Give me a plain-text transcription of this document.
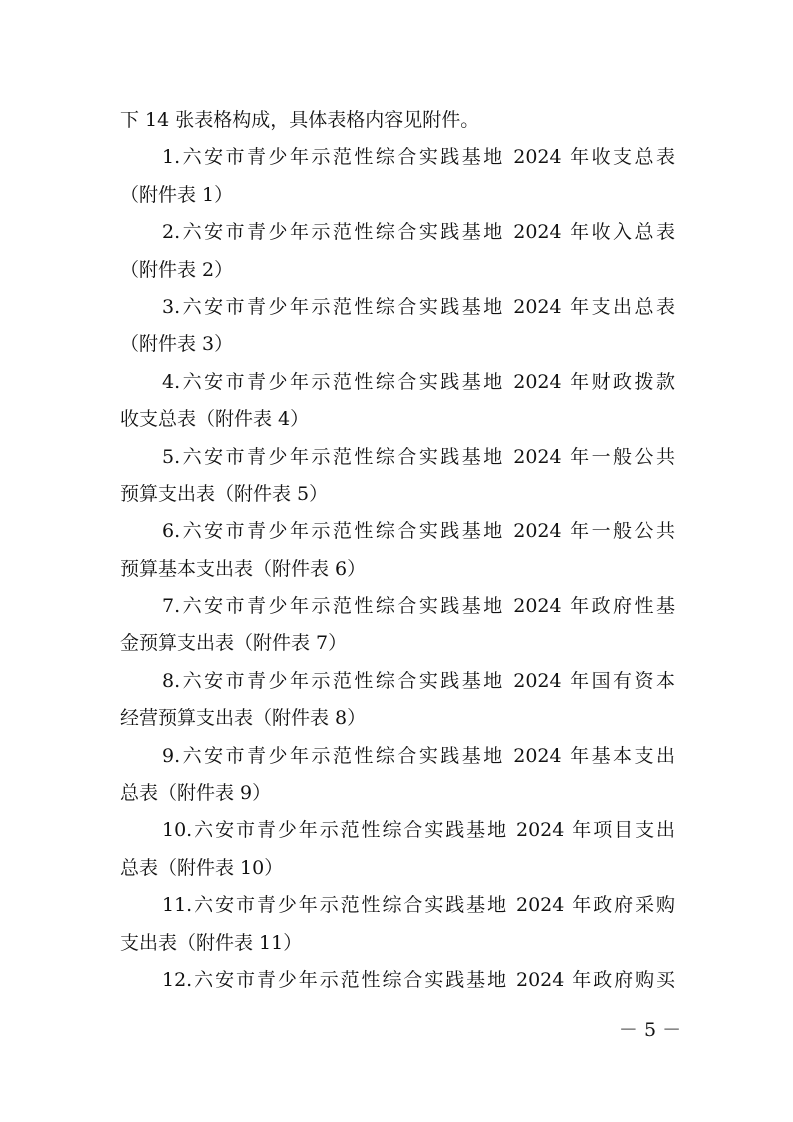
下 14 张表格构成，具体表格内容见附件。
1.六安市青少年示范性综合实践基地 2024 年收支总表
（附件表 1）
2.六安市青少年示范性综合实践基地 2024 年收入总表
（附件表 2）
3.六安市青少年示范性综合实践基地 2024 年支出总表
（附件表 3）
4.六安市青少年示范性综合实践基地 2024 年财政拨款
收支总表（附件表 4）
5.六安市青少年示范性综合实践基地 2024 年一般公共
预算支出表（附件表 5）
6.六安市青少年示范性综合实践基地 2024 年一般公共
预算基本支出表（附件表 6）
7.六安市青少年示范性综合实践基地 2024 年政府性基
金预算支出表（附件表 7）
8.六安市青少年示范性综合实践基地 2024 年国有资本
经营预算支出表（附件表 8）
9.六安市青少年示范性综合实践基地 2024 年基本支出
总表（附件表 9）
10.六安市青少年示范性综合实践基地 2024 年项目支出
总表（附件表 10）
11.六安市青少年示范性综合实践基地 2024 年政府采购
支出表（附件表 11）
12.六安市青少年示范性综合实践基地 2024 年政府购买
－ 5 －
